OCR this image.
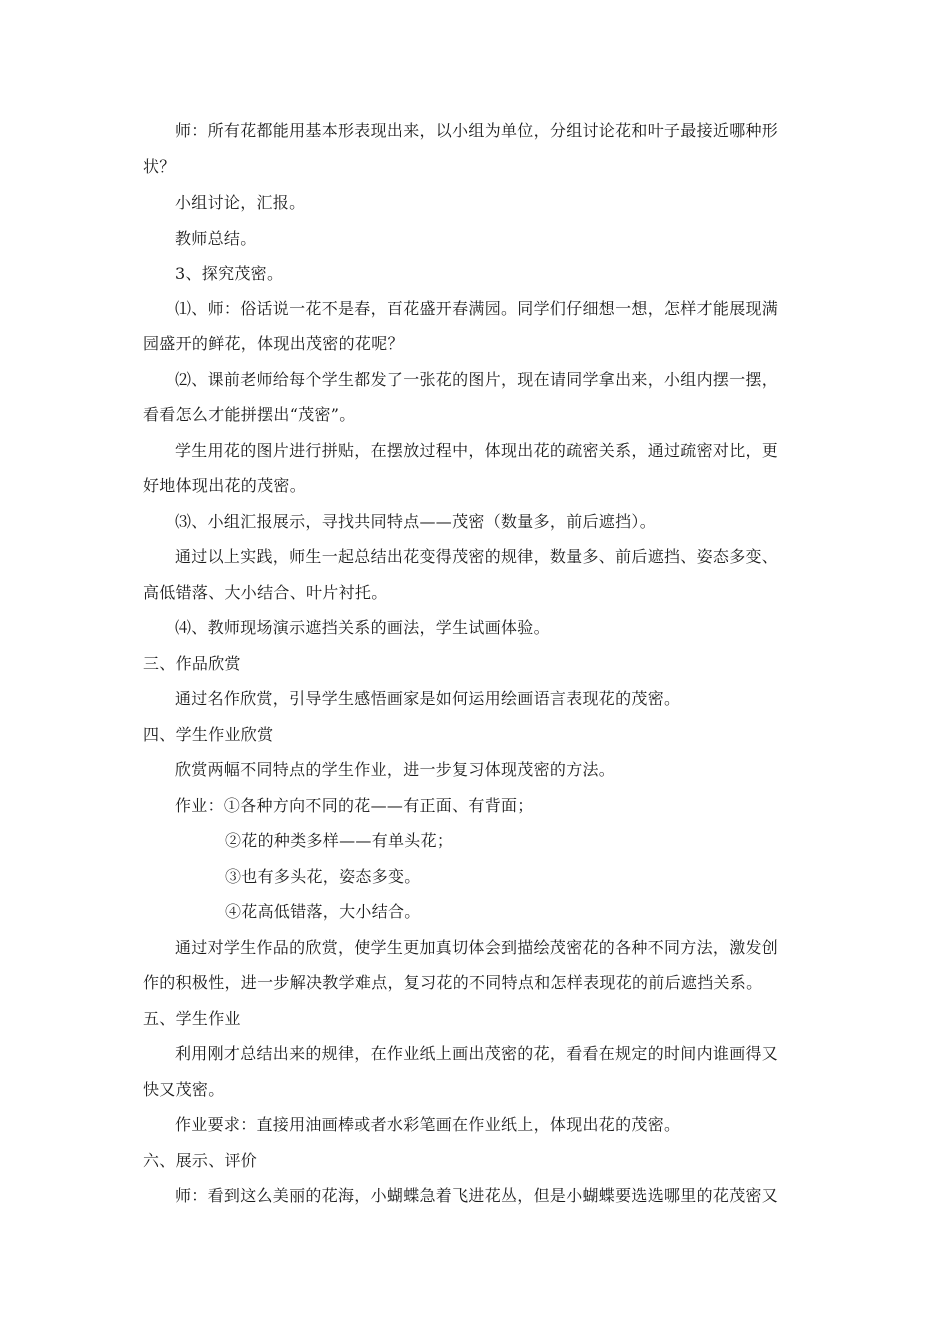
师：所有花都能用基本形表现出来，以小组为单位，分组讨论花和叶子最接近哪种形
状？
小组讨论，汇报。
教师总结。
3、探究茂密。
⑴、师：俗话说一花不是春，百花盛开春满园。同学们仔细想一想，怎样才能展现满
园盛开的鲜花，体现出茂密的花呢？
⑵、课前老师给每个学生都发了一张花的图片，现在请同学拿出来，小组内摆一摆，
看看怎么才能拼摆出“茂密”。
学生用花的图片进行拼贴，在摆放过程中，体现出花的疏密关系，通过疏密对比，更
好地体现出花的茂密。
⑶、小组汇报展示，寻找共同特点——茂密（数量多，前后遮挡）。
通过以上实践，师生一起总结出花变得茂密的规律，数量多、前后遮挡、姿态多变、
高低错落、大小结合、叶片衬托。
⑷、教师现场演示遮挡关系的画法，学生试画体验。
三、作品欣赏
通过名作欣赏，引导学生感悟画家是如何运用绘画语言表现花的茂密。
四、学生作业欣赏
欣赏两幅不同特点的学生作业，进一步复习体现茂密的方法。
作业：①各种方向不同的花——有正面、有背面；
②花的种类多样——有单头花；
③也有多头花，姿态多变。
④花高低错落，大小结合。
通过对学生作品的欣赏，使学生更加真切体会到描绘茂密花的各种不同方法，激发创
作的积极性，进一步解决教学难点，复习花的不同特点和怎样表现花的前后遮挡关系。
五、学生作业
利用刚才总结出来的规律，在作业纸上画出茂密的花，看看在规定的时间内谁画得又
快又茂密。
作业要求：直接用油画棒或者水彩笔画在作业纸上，体现出花的茂密。
六、展示、评价
师：看到这么美丽的花海，小蝴蝶急着飞进花丛，但是小蝴蝶要选选哪里的花茂密又
